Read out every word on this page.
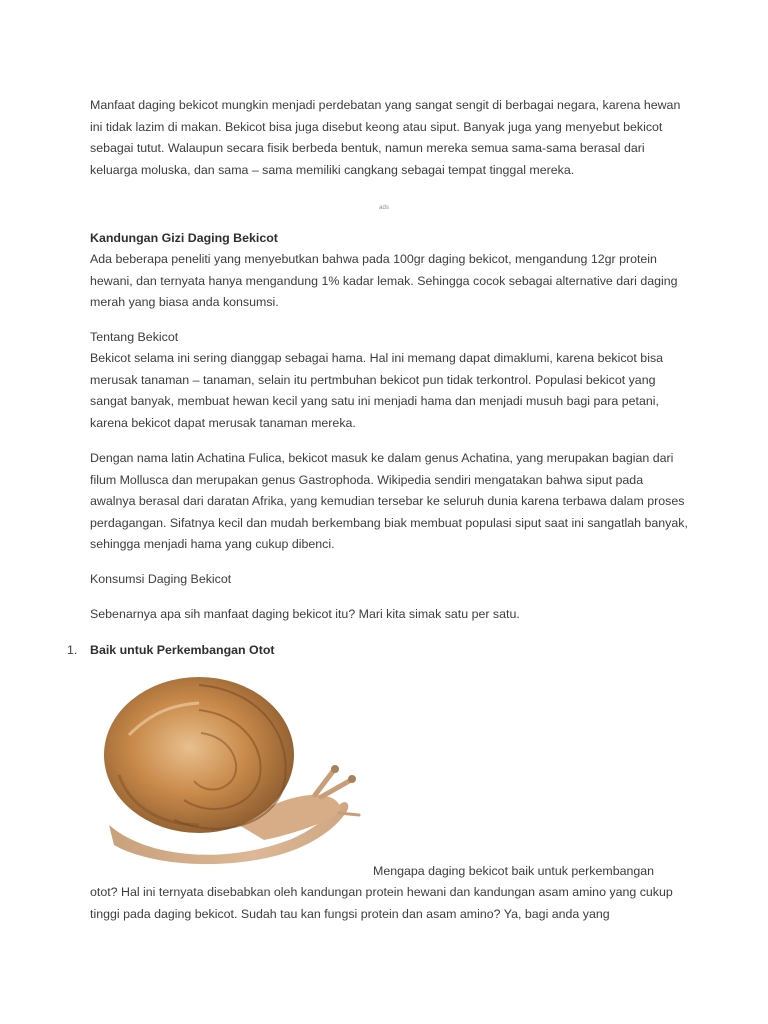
Manfaat daging bekicot mungkin menjadi perdebatan yang sangat sengit di berbagai negara, karena hewan ini tidak lazim di makan. Bekicot bisa juga disebut keong atau siput. Banyak juga yang menyebut bekicot sebagai tutut. Walaupun secara fisik berbeda bentuk, namun mereka semua sama-sama berasal dari keluarga moluska, dan sama – sama memiliki cangkang sebagai tempat tinggal mereka.

ads

Kandungan Gizi Daging Bekicot

Ada beberapa peneliti yang menyebutkan bahwa pada 100gr daging bekicot, mengandung 12gr protein hewani, dan ternyata hanya mengandung 1% kadar lemak. Sehingga cocok sebagai alternative dari daging merah yang biasa anda konsumsi.

Tentang Bekicot

Bekicot selama ini sering dianggap sebagai hama. Hal ini memang dapat dimaklumi, karena bekicot bisa merusak tanaman – tanaman, selain itu pertmbuhan bekicot pun tidak terkontrol. Populasi bekicot yang sangat banyak, membuat hewan kecil yang satu ini menjadi hama dan menjadi musuh bagi para petani, karena bekicot dapat merusak tanaman mereka.

Dengan nama latin Achatina Fulica, bekicot masuk ke dalam genus Achatina, yang merupakan bagian dari filum Mollusca dan merupakan genus Gastrophoda. Wikipedia sendiri mengatakan bahwa siput pada awalnya berasal dari daratan Afrika, yang kemudian tersebar ke seluruh dunia karena terbawa dalam proses perdagangan. Sifatnya kecil dan mudah berkembang biak membuat populasi siput saat ini sangatlah banyak, sehingga menjadi hama yang cukup dibenci.

Konsumsi Daging Bekicot

Sebenarnya apa sih manfaat daging bekicot itu? Mari kita simak satu per satu.

1. Baik untuk Perkembangan Otot

Mengapa daging bekicot baik untuk perkembangan

otot? Hal ini ternyata disebabkan oleh kandungan protein hewani dan kandungan asam amino yang cukup tinggi pada daging bekicot. Sudah tau kan fungsi protein dan asam amino? Ya, bagi anda yang
